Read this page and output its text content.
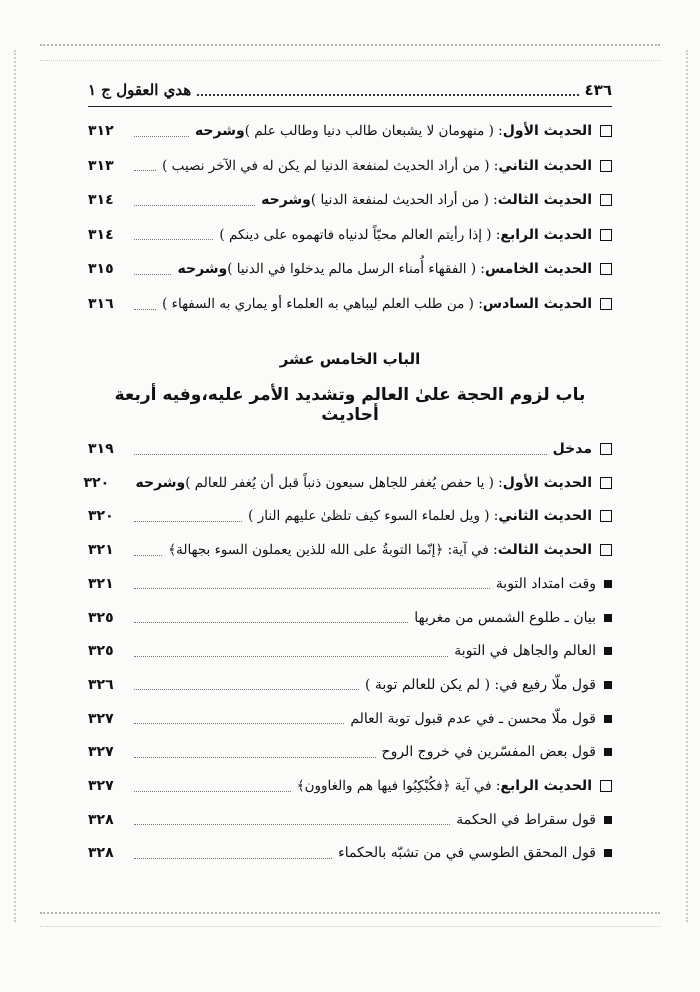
٤٣٦
هدي العقول ج ١
الحديث الأول
: ( منهومان لا يشبعان طالب دنيا وطالب علم )
وشرحه
٣١٢
الحديث الثاني
: ( من أراد الحديث لمنفعة الدنيا لم يكن له في الآخر نصيب )
٣١٣
الحديث الثالث
: ( من أراد الحديث لمنفعة الدنيا )
وشرحه
٣١٤
الحديث الرابع
: ( إذا رأيتم العالم محبّاً لدنياه فاتهموه على دينكم )
٣١٤
الحديث الخامس
: ( الفقهاء أُمناء الرسل مالم يدخلوا في الدنيا )
وشرحه
٣١٥
الحديث السادس
: ( من طلب العلم ليباهي به العلماء أو يماري به السفهاء )
٣١٦
الباب الخامس عشر
باب لزوم الحجة علىٰ العالم وتشديد الأمر عليه،وفيه أربعة أحاديث
مدخل
٣١٩
الحديث الأول
: ( يا حفص يُغفر للجاهل سبعون ذنباً قبل أن يُغفر للعالم )
وشرحه
٣٢٠
الحديث الثاني
: ( ويل لعلماء السوء كيف تلظىٰ عليهم النار )
٣٢٠
الحديث الثالث
: في آية: ﴿إنّما التوبةُ على الله للذين يعملون السوء بجهالة﴾
٣٢١
وقت امتداد التوبة
٣٢١
بيان ـ طلوع الشمس من مغربها
٣٢٥
العالم والجاهل في التوبة
٣٢٥
قول ملّا رفيع في: ( لم يكن للعالم توبة )
٣٢٦
قول ملّا محسن ـ في عدم قبول توبة العالم
٣٢٧
قول بعض المفسّرين في خروج الروح
٣٢٧
الحديث الرابع
: في آية ﴿فكُبْكِبُوا فيها هم والغاوون﴾
٣٢٧
قول سقراط في الحكمة
٣٢٨
قول المحقق الطوسي في من تشبّه بالحكماء
٣٢٨
